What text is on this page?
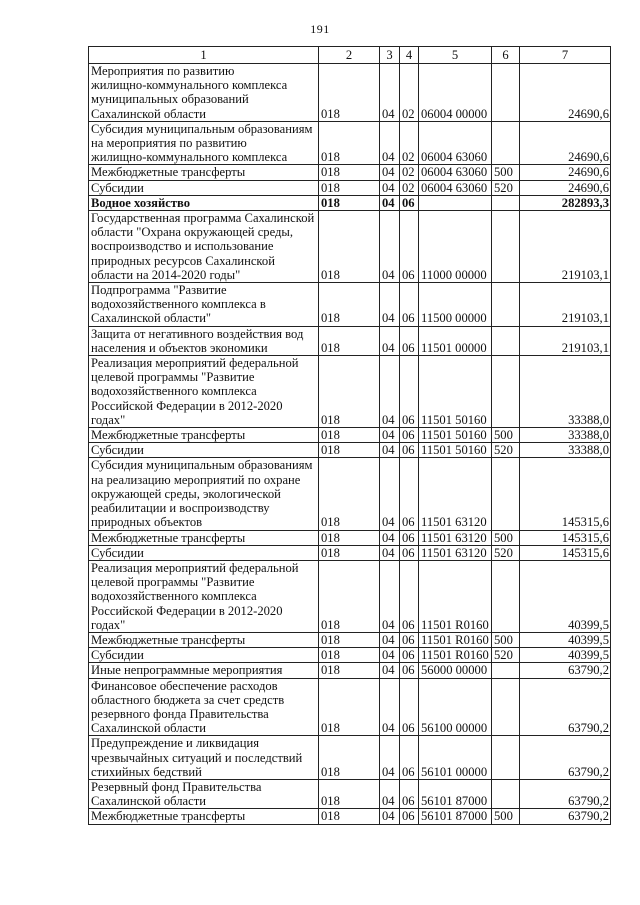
191
1	2	3	4	5	6	7

Мероприятия по развитию
жилищно-коммунального комплекса
муниципальных образований
Сахалинской области	018	04	02	06004 00000		24690,6

Субсидия муниципальным образованиям
на мероприятия по развитию
жилищно-коммунального комплекса	018	04	02	06004 63060		24690,6

Межбюджетные трансферты	018	04	02	06004 63060	500	24690,6

Субсидии	018	04	02	06004 63060	520	24690,6

Водное хозяйство	018	04	06			282893,3

Государственная программа Сахалинской
области "Охрана окружающей среды,
воспроизводство и использование
природных ресурсов Сахалинской
области на 2014-2020 годы"	018	04	06	11000 00000		219103,1

Подпрограмма "Развитие
водохозяйственного комплекса в
Сахалинской области"	018	04	06	11500 00000		219103,1

Защита от негативного воздействия вод
населения и объектов экономики	018	04	06	11501 00000		219103,1

Реализация мероприятий федеральной
целевой программы "Развитие
водохозяйственного комплекса
Российской Федерации в 2012-2020
годах"	018	04	06	11501 50160		33388,0

Межбюджетные трансферты	018	04	06	11501 50160	500	33388,0

Субсидии	018	04	06	11501 50160	520	33388,0

Субсидия муниципальным образованиям
на реализацию мероприятий по охране
окружающей среды, экологической
реабилитации и воспроизводству
природных объектов	018	04	06	11501 63120		145315,6

Межбюджетные трансферты	018	04	06	11501 63120	500	145315,6

Субсидии	018	04	06	11501 63120	520	145315,6

Реализация мероприятий федеральной
целевой программы "Развитие
водохозяйственного комплекса
Российской Федерации в 2012-2020
годах"	018	04	06	11501 R0160		40399,5

Межбюджетные трансферты	018	04	06	11501 R0160	500	40399,5

Субсидии	018	04	06	11501 R0160	520	40399,5

Иные непрограммные мероприятия	018	04	06	56000 00000		63790,2

Финансовое обеспечение расходов
областного бюджета за счет средств
резервного фонда Правительства
Сахалинской области	018	04	06	56100 00000		63790,2

Предупреждение и ликвидация
чрезвычайных ситуаций и последствий
стихийных бедствий	018	04	06	56101 00000		63790,2

Резервный фонд Правительства
Сахалинской области	018	04	06	56101 87000		63790,2

Межбюджетные трансферты	018	04	06	56101 87000	500	63790,2
